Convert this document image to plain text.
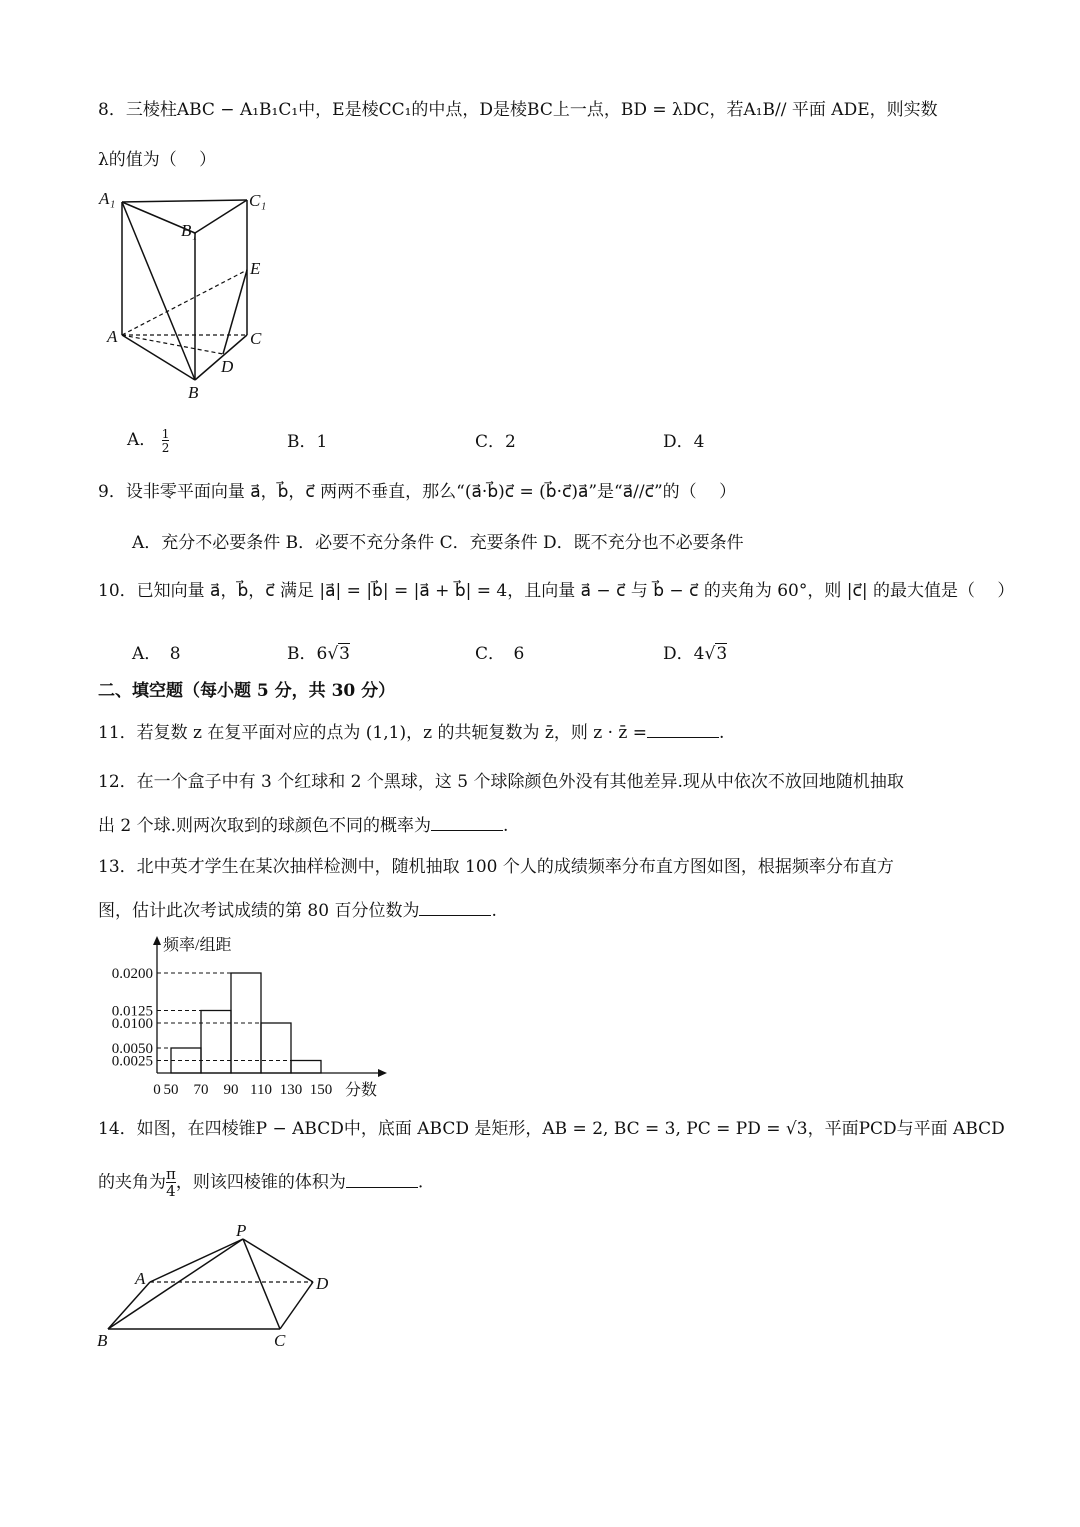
8．三棱柱ABC − A₁B₁C₁中，E是棱CC₁的中点，D是棱BC上一点，BD = λDC，若A₁B// 平面 ADE，则实数
λ的值为（　 ）
A₁	C₁
B₁
E
A	C
D
B
A． $\frac{1}{2}$	B．1	C．2	D．4
9．设非零平面向量 a⃗，b⃗，c⃗ 两两不垂直，那么“(a⃗·b⃗)c⃗ = (b⃗·c⃗)a⃗”是“a⃗//c⃗”的（　 ）
A．充分不必要条件 B．必要不充分条件 C．充要条件 D．既不充分也不必要条件
10．已知向量 a⃗，b⃗，c⃗ 满足 |a⃗| = |b⃗| = |a⃗ + b⃗| = 4，且向量 a⃗ − c⃗ 与 b⃗ − c⃗ 的夹角为 60°，则 |c⃗| 的最大值是（　 ）
A．　8	B．6√3	C．　6	D．4√3
二、填空题（每小题 5 分，共 30 分）
11．若复数 z 在复平面对应的点为 (1,1)，z 的共轭复数为 z̄，则 z · z̄ =	.
12．在一个盒子中有 3 个红球和 2 个黑球，这 5 个球除颜色外没有其他差异.现从中依次不放回地随机抽取
出 2 个球.则两次取到的球颜色不同的概率为	.
13．北中英才学生在某次抽样检测中，随机抽取 100 个人的成绩频率分布直方图如图，根据频率分布直方
图，估计此次考试成绩的第 80 百分位数为	.
0.0200
0.0125
0.0100
0.0050
0.0025
0 50 70 90 110 130 150
频率/组距
分数
14．如图，在四棱锥P − ABCD中，底面 ABCD 是矩形，AB = 2, BC = 3, PC = PD = √3，平面PCD与平面 ABCD
的夹角为 $\frac{\pi}{4}$ ，则该四棱锥的体积为	.
P
A	D
B	C
